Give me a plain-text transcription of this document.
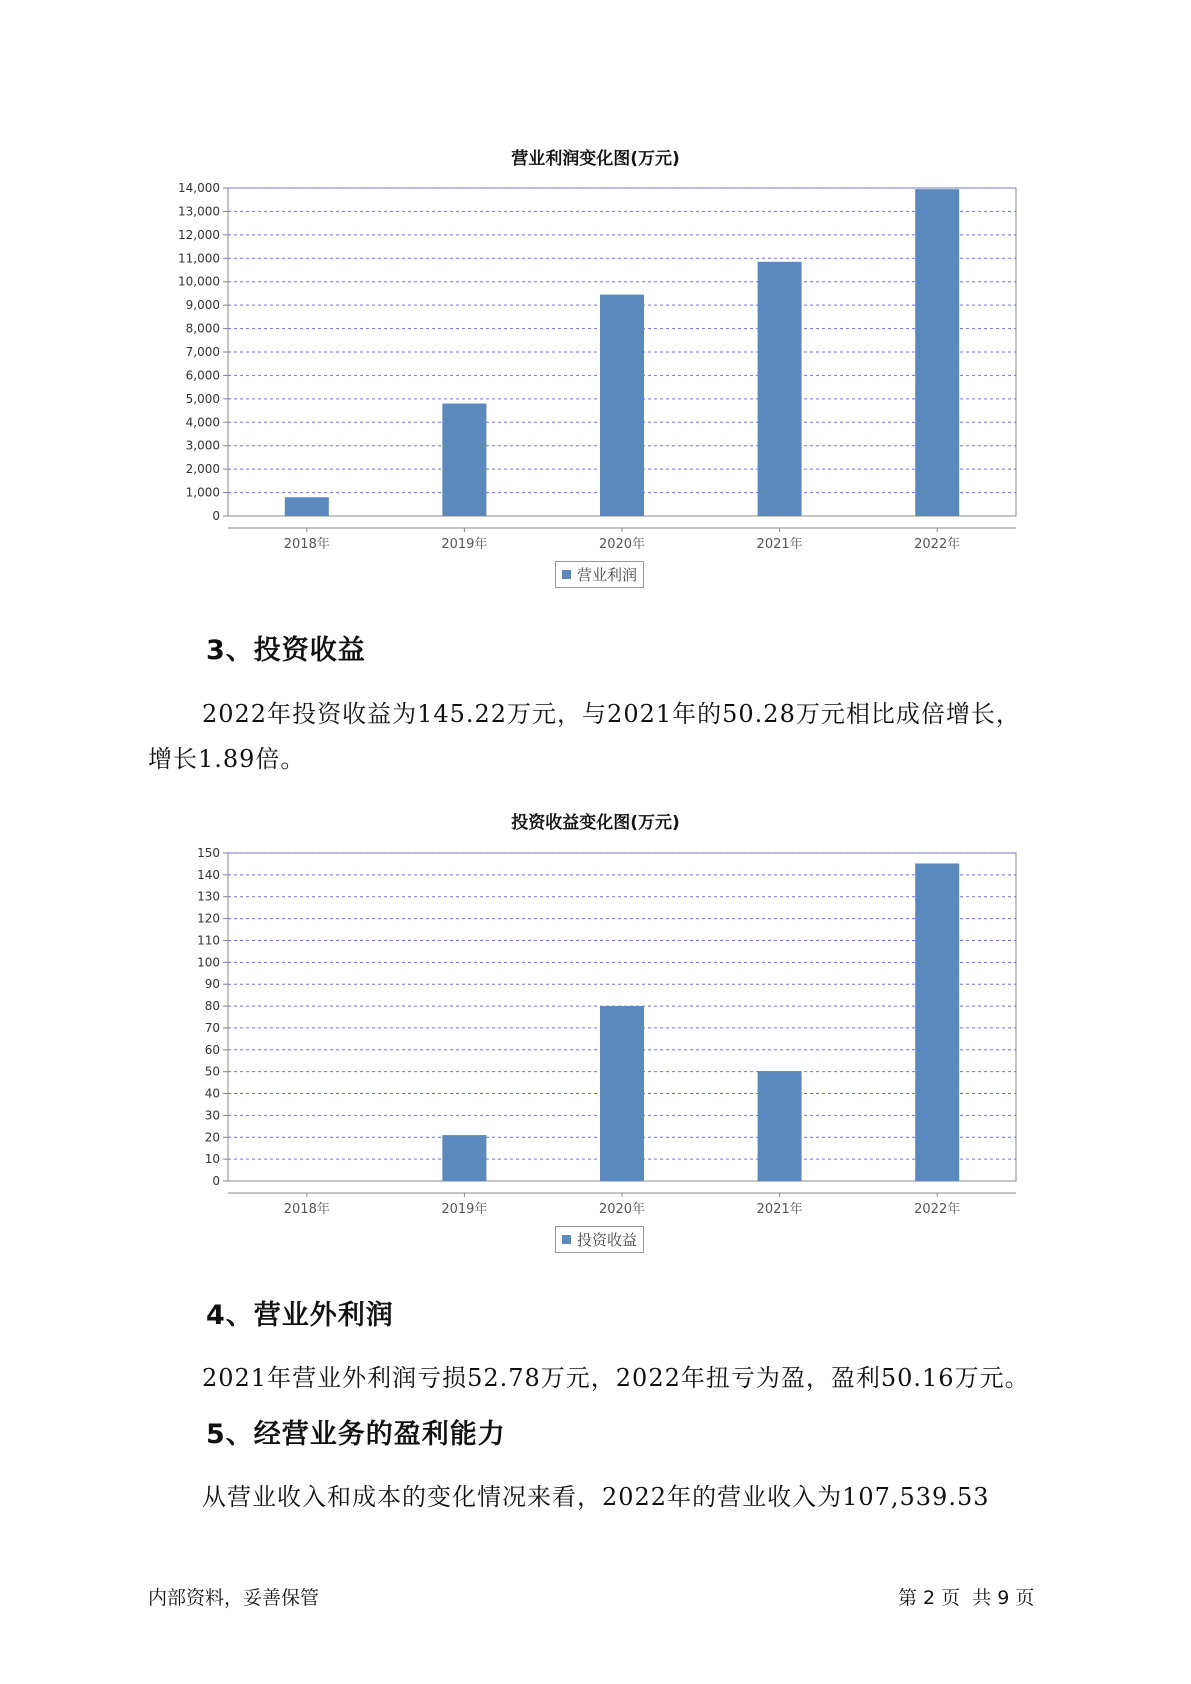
营业利润变化图(万元)
0
1,000
2,000
3,000
4,000
5,000
6,000
7,000
8,000
9,000
10,000
11,000
12,000
13,000
14,000
2018年	2019年	2020年	2021年	2022年
营业利润
3、投资收益
2022年投资收益为145.22万元，与2021年的50.28万元相比成倍增长，
增长1.89倍。
投资收益变化图(万元)
0
10
20
30
40
50
60
70
80
90
100
110
120
130
140
150
2018年	2019年	2020年	2021年	2022年
投资收益
4、营业外利润
2021年营业外利润亏损52.78万元，2022年扭亏为盈，盈利50.16万元。
5、经营业务的盈利能力
从营业收入和成本的变化情况来看，2022年的营业收入为107,539.53
内部资料，妥善保管	第 2 页  共 9 页
